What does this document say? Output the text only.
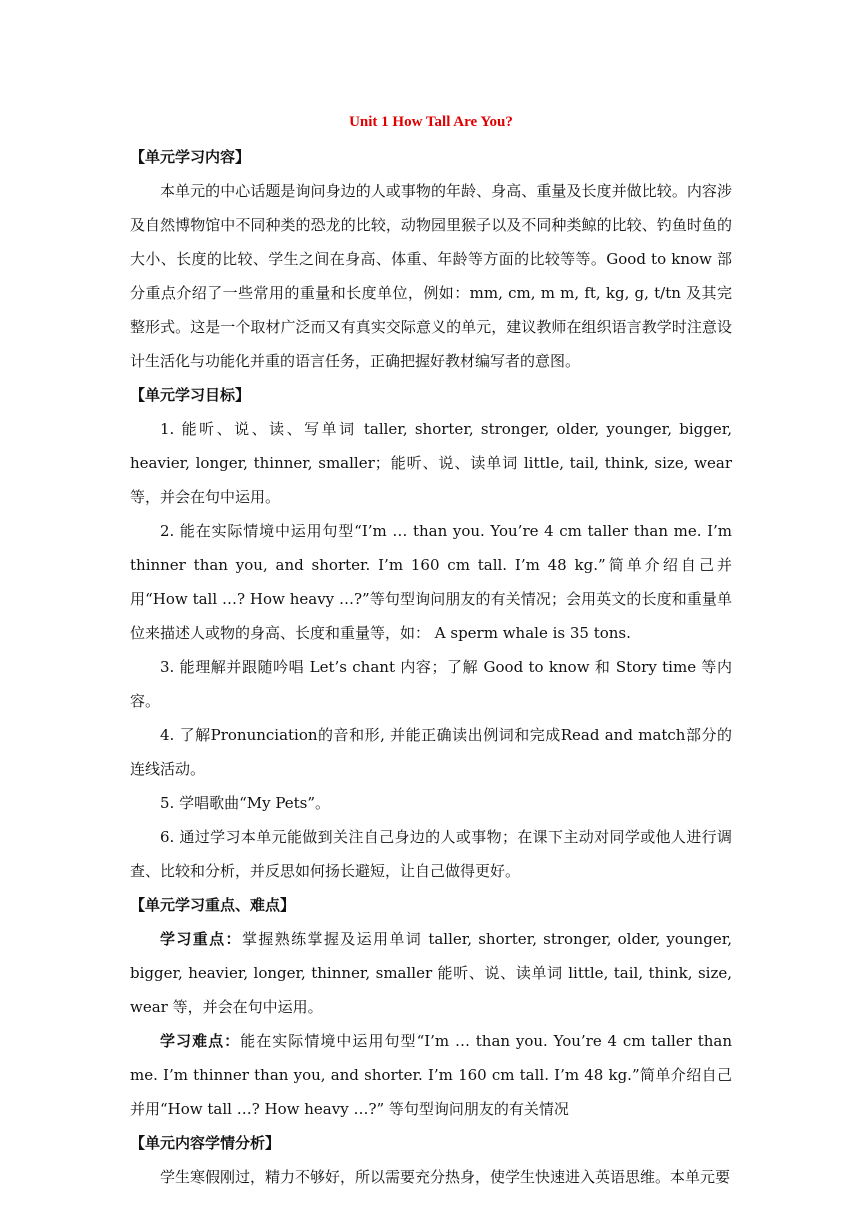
Unit 1 How Tall Are You?
【单元学习内容】

本单元的中心话题是询问身边的人或事物的年龄、身高、重量及长度并做比较。内容涉及自然博物馆中不同种类的恐龙的比较，动物园里猴子以及不同种类鲸的比较、钓鱼时鱼的大小、长度的比较、学生之间在身高、体重、年龄等方面的比较等等。Good to know 部分重点介绍了一些常用的重量和长度单位，例如：mm, cm, m m, ft, kg, g, t/tn 及其完整形式。这是一个取材广泛而又有真实交际意义的单元，建议教师在组织语言教学时注意设计生活化与功能化并重的语言任务，正确把握好教材编写者的意图。

【单元学习目标】

1. 能听、说、读、写单词 taller, shorter, stronger, older, younger, bigger, heavier, longer, thinner, smaller；能听、说、读单词 little, tail, think, size, wear 等，并会在句中运用。

2. 能在实际情境中运用句型“I’m … than you. You’re 4 cm taller than me. I’m thinner than you, and shorter. I’m 160 cm tall. I’m 48 kg.”简单介绍自己并用“How tall …? How heavy …?”等句型询问朋友的有关情况；会用英文的长度和重量单位来描述人或物的身高、长度和重量等，如： A sperm whale is 35 tons.

3. 能理解并跟随吟唱 Let’s chant 内容；了解 Good to know 和 Story time 等内容。

4. 了解Pronunciation的音和形, 并能正确读出例词和完成Read and match部分的连线活动。

5. 学唱歌曲“My Pets”。

6. 通过学习本单元能做到关注自己身边的人或事物；在课下主动对同学或他人进行调查、比较和分析，并反思如何扬长避短，让自己做得更好。

【单元学习重点、难点】

学习重点：掌握熟练掌握及运用单词 taller, shorter, stronger, older, younger, bigger, heavier, longer, thinner, smaller 能听、说、读单词 little, tail, think, size, wear 等，并会在句中运用。

学习难点：能在实际情境中运用句型“I’m … than you. You’re 4 cm taller than me. I’m thinner than you, and shorter. I’m 160 cm tall. I’m 48 kg.”简单介绍自己并用“How tall …? How heavy …?” 等句型询问朋友的有关情况

【单元内容学情分析】

学生寒假刚过，精力不够好，所以需要充分热身，使学生快速进入英语思维。本单元要
